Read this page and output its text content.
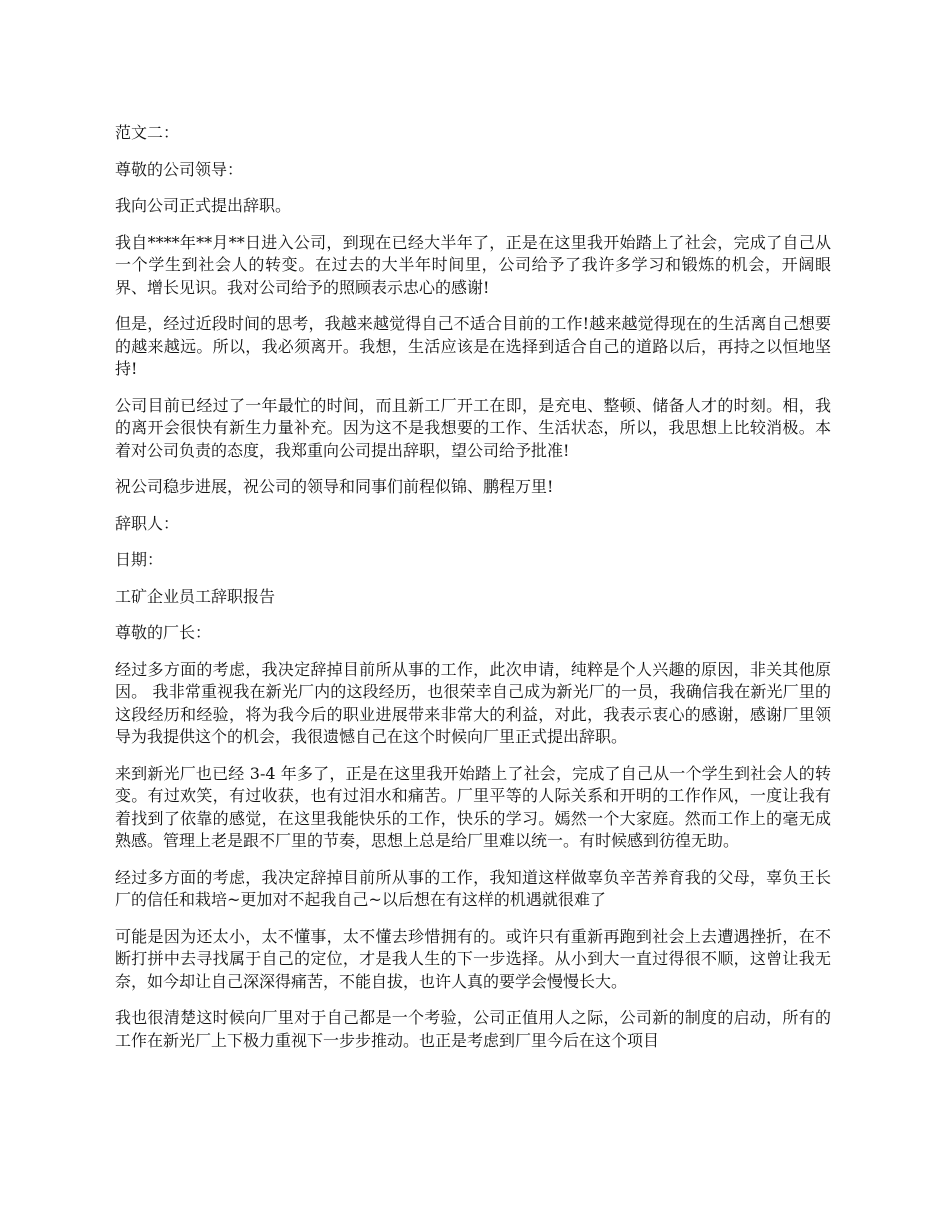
范文二：

尊敬的公司领导：

我向公司正式提出辞职。

我自****年**月**日进入公司，到现在已经大半年了，正是在这里我开始踏上了社会，完成了自己从一个学生到社会人的转变。在过去的大半年时间里，公司给予了我许多学习和锻炼的机会，开阔眼界、增长见识。我对公司给予的照顾表示忠心的感谢!

但是，经过近段时间的思考，我越来越觉得自己不适合目前的工作!越来越觉得现在的生活离自己想要的越来越远。所以，我必须离开。我想，生活应该是在选择到适合自己的道路以后，再持之以恒地坚持!

公司目前已经过了一年最忙的时间，而且新工厂开工在即，是充电、整顿、储备人才的时刻。相，我的离开会很快有新生力量补充。因为这不是我想要的工作、生活状态，所以，我思想上比较消极。本着对公司负责的态度，我郑重向公司提出辞职，望公司给予批准!

祝公司稳步进展，祝公司的领导和同事们前程似锦、鹏程万里!

辞职人：

日期：

工矿企业员工辞职报告

尊敬的厂长：

经过多方面的考虑，我决定辞掉目前所从事的工作，此次申请，纯粹是个人兴趣的原因，非关其他原因。 我非常重视我在新光厂内的这段经历，也很荣幸自己成为新光厂的一员，我确信我在新光厂里的这段经历和经验，将为我今后的职业进展带来非常大的利益，对此，我表示衷心的感谢，感谢厂里领导为我提供这个的机会，我很遗憾自己在这个时候向厂里正式提出辞职。

来到新光厂也已经 3-4 年多了，正是在这里我开始踏上了社会，完成了自己从一个学生到社会人的转变。有过欢笑，有过收获，也有过泪水和痛苦。厂里平等的人际关系和开明的工作作风，一度让我有着找到了依靠的感觉，在这里我能快乐的工作，快乐的学习。嫣然一个大家庭。然而工作上的毫无成熟感。管理上老是跟不厂里的节奏，思想上总是给厂里难以统一。有时候感到彷徨无助。

经过多方面的考虑，我决定辞掉目前所从事的工作，我知道这样做辜负辛苦养育我的父母，辜负王长厂的信任和栽培~更加对不起我自己~以后想在有这样的机遇就很难了

可能是因为还太小，太不懂事，太不懂去珍惜拥有的。或许只有重新再跑到社会上去遭遇挫折，在不断打拼中去寻找属于自己的定位，才是我人生的下一步选择。从小到大一直过得很不顺，这曾让我无奈，如今却让自己深深得痛苦，不能自拔，也许人真的要学会慢慢长大。

我也很清楚这时候向厂里对于自己都是一个考验，公司正值用人之际，公司新的制度的启动，所有的工作在新光厂上下极力重视下一步步推动。也正是考虑到厂里今后在这个项目
